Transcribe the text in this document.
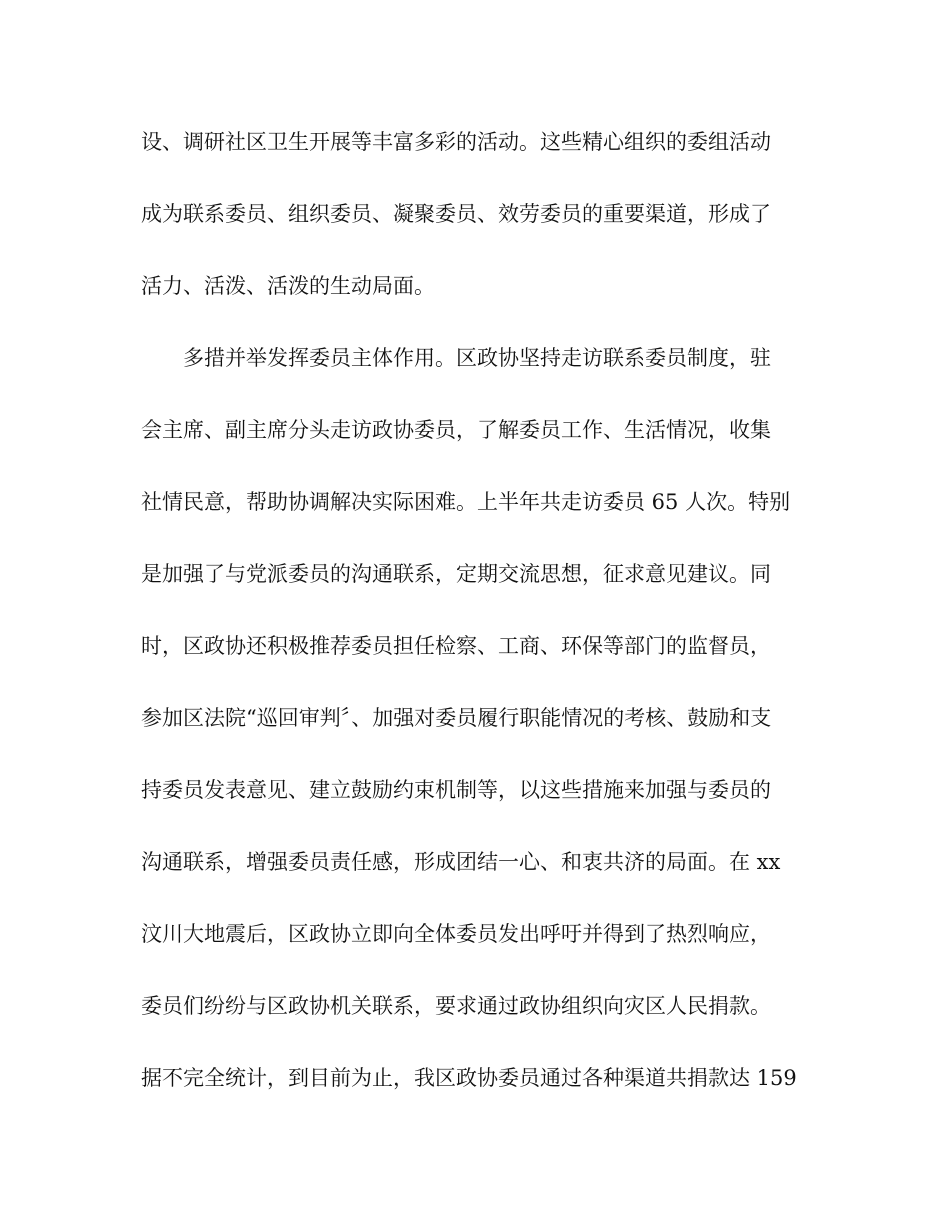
设、调研社区卫生开展等丰富多彩的活动。这些精心组织的委组活动
成为联系委员、组织委员、凝聚委员、效劳委员的重要渠道，形成了
活力、活泼、活泼的生动局面。
多措并举发挥委员主体作用。区政协坚持走访联系委员制度，驻
会主席、副主席分头走访政协委员，了解委员工作、生活情况，收集
社情民意，帮助协调解决实际困难。上半年共走访委员 65 人次。特别
是加强了与党派委员的沟通联系，定期交流思想，征求意见建议。同
时，区政协还积极推荐委员担任检察、工商、环保等部门的监督员，
参加区法院“巡回审判〞、加强对委员履行职能情况的考核、鼓励和支
持委员发表意见、建立鼓励约束机制等，以这些措施来加强与委员的
沟通联系，增强委员责任感，形成团结一心、和衷共济的局面。在 xx
汶川大地震后，区政协立即向全体委员发出呼吁并得到了热烈响应，
委员们纷纷与区政协机关联系，要求通过政协组织向灾区人民捐款。
据不完全统计，到目前为止，我区政协委员通过各种渠道共捐款达 159
